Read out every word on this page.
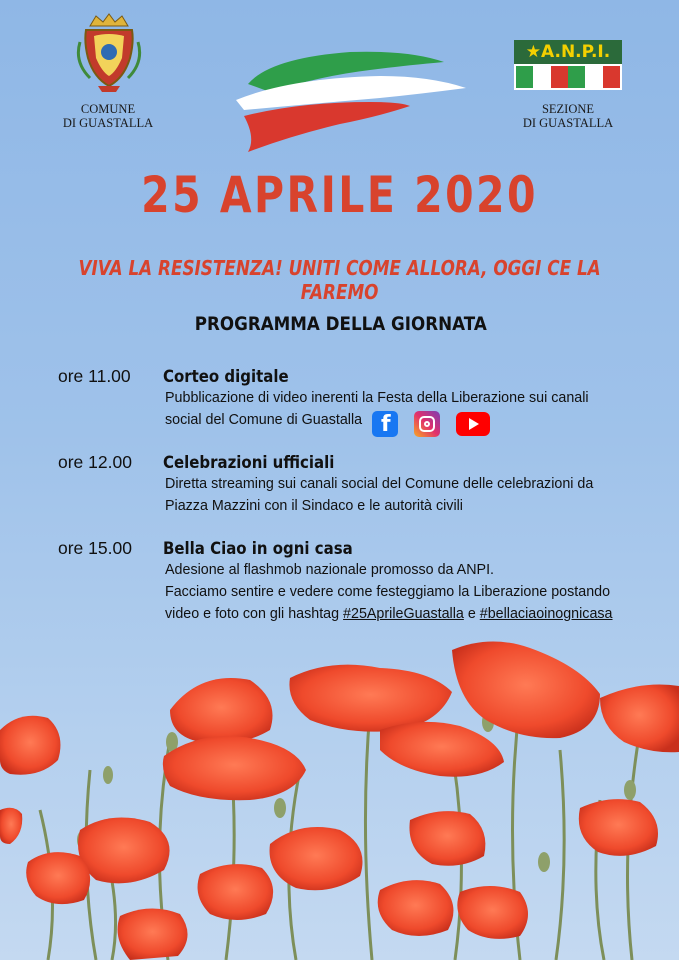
COMUNE
DI GUASTALLA
★A.N.P.I.
SEZIONE
DI GUASTALLA
25 APRILE 2020
VIVA LA RESISTENZA! UNITI COME ALLORA, OGGI CE LA FAREMO
PROGRAMMA DELLA GIORNATA
ore 11.00 Corteo digitale
Pubblicazione di video inerenti la Festa della Liberazione sui canali
social del Comune di Guastalla f
ore 12.00 Celebrazioni ufficiali
Diretta streaming sui canali social del Comune delle celebrazioni da
Piazza Mazzini con il Sindaco e le autorità civili
ore 15.00 Bella Ciao in ogni casa
Adesione al flashmob nazionale promosso da ANPI.
Facciamo sentire e vedere come festeggiamo la Liberazione postando
video e foto con gli hashtag #25AprileGuastalla e #bellaciaoinognicasa
